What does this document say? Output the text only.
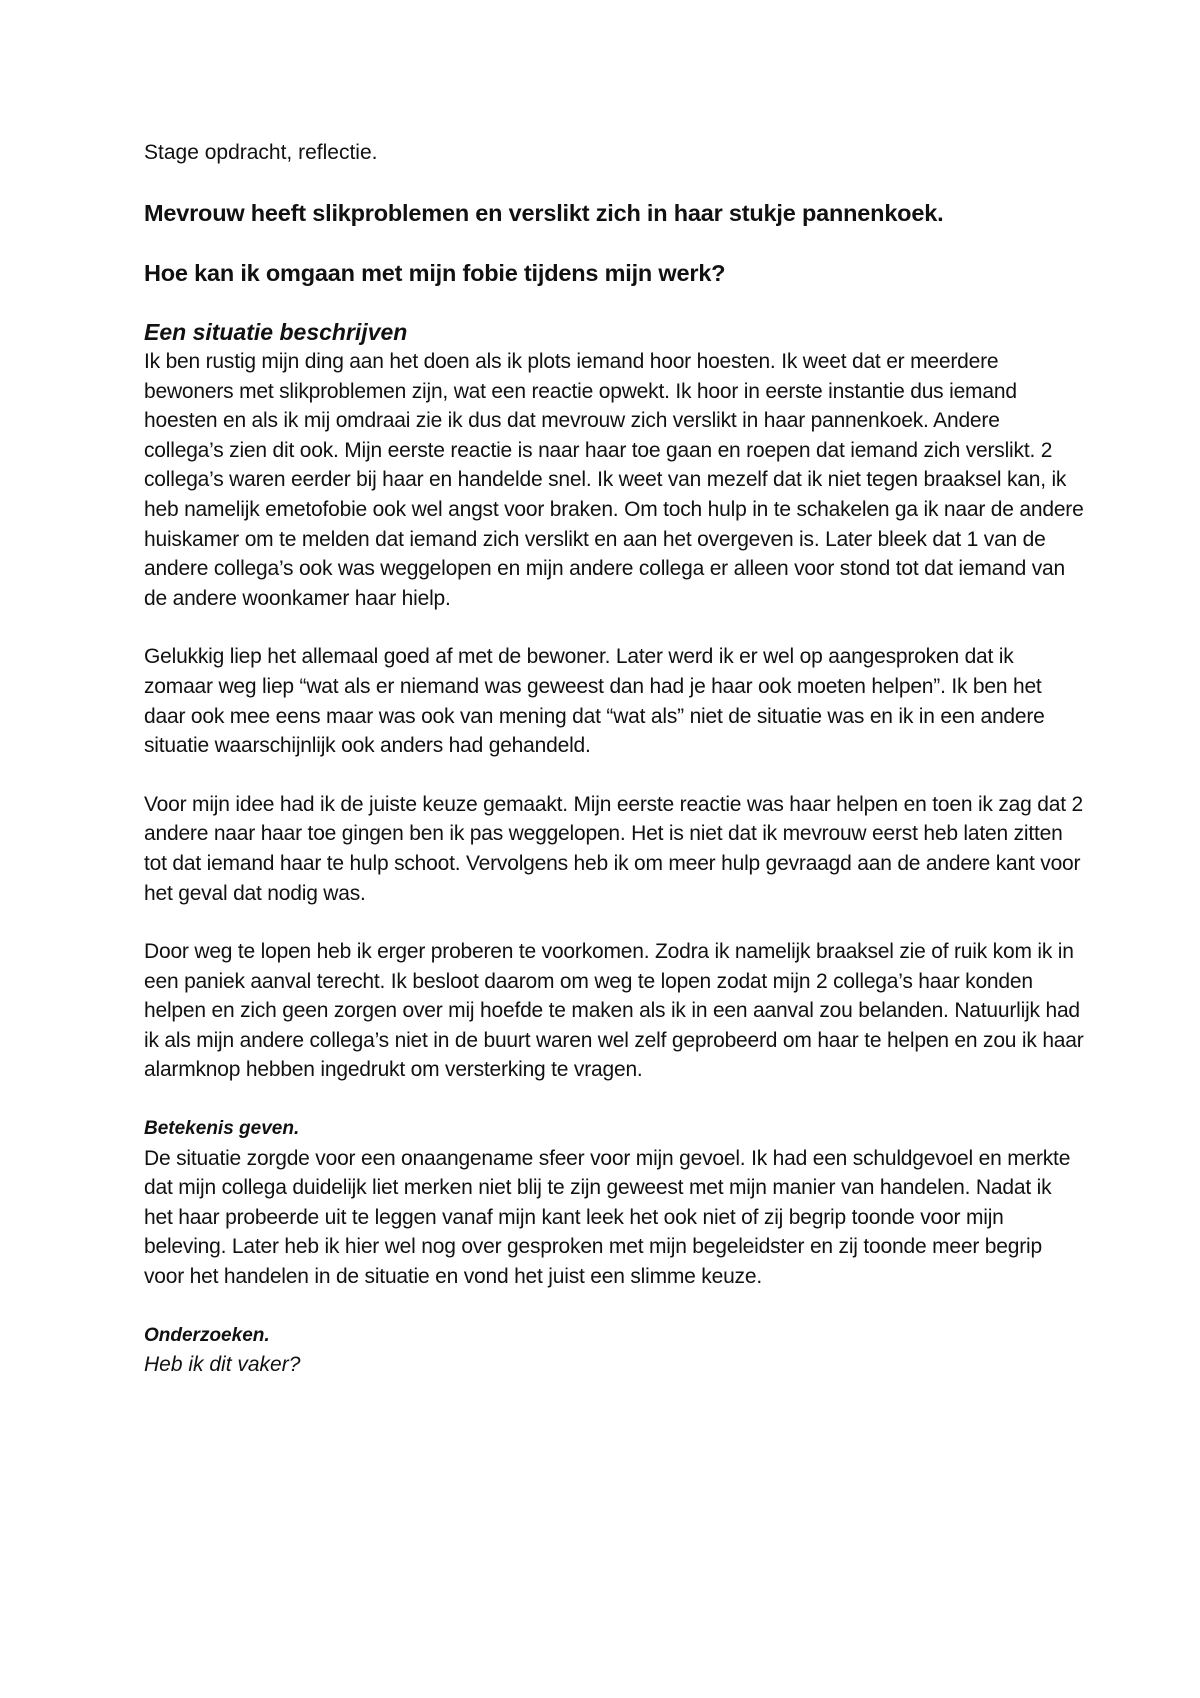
Stage opdracht, reflectie.

Mevrouw heeft slikproblemen en verslikt zich in haar stukje pannenkoek.

Hoe kan ik omgaan met mijn fobie tijdens mijn werk?

Een situatie beschrijven

Ik ben rustig mijn ding aan het doen als ik plots iemand hoor hoesten. Ik weet dat er meerdere bewoners met slikproblemen zijn, wat een reactie opwekt. Ik hoor in eerste instantie dus iemand hoesten en als ik mij omdraai zie ik dus dat mevrouw zich verslikt in haar pannenkoek. Andere collega’s zien dit ook. Mijn eerste reactie is naar haar toe gaan en roepen dat iemand zich verslikt. 2 collega’s waren eerder bij haar en handelde snel. Ik weet van mezelf dat ik niet tegen braaksel kan, ik heb namelijk emetofobie ook wel angst voor braken. Om toch hulp in te schakelen ga ik naar de andere huiskamer om te melden dat iemand zich verslikt en aan het overgeven is. Later bleek dat 1 van de andere collega’s ook was weggelopen en mijn andere collega er alleen voor stond tot dat iemand van de andere woonkamer haar hielp.

Gelukkig liep het allemaal goed af met de bewoner. Later werd ik er wel op aangesproken dat ik zomaar weg liep “wat als er niemand was geweest dan had je haar ook moeten helpen”. Ik ben het daar ook mee eens maar was ook van mening dat “wat als” niet de situatie was en ik in een andere situatie waarschijnlijk ook anders had gehandeld.

Voor mijn idee had ik de juiste keuze gemaakt. Mijn eerste reactie was haar helpen en toen ik zag dat 2 andere naar haar toe gingen ben ik pas weggelopen. Het is niet dat ik mevrouw eerst heb laten zitten tot dat iemand haar te hulp schoot. Vervolgens heb ik om meer hulp gevraagd aan de andere kant voor het geval dat nodig was.

Door weg te lopen heb ik erger proberen te voorkomen. Zodra ik namelijk braaksel zie of ruik kom ik in een paniek aanval terecht. Ik besloot daarom om weg te lopen zodat mijn 2 collega’s haar konden helpen en zich geen zorgen over mij hoefde te maken als ik in een aanval zou belanden. Natuurlijk had ik als mijn andere collega’s niet in de buurt waren wel zelf geprobeerd om haar te helpen en zou ik haar alarmknop hebben ingedrukt om versterking te vragen.

Betekenis geven.

De situatie zorgde voor een onaangename sfeer voor mijn gevoel. Ik had een schuldgevoel en merkte dat mijn collega duidelijk liet merken niet blij te zijn geweest met mijn manier van handelen. Nadat ik het haar probeerde uit te leggen vanaf mijn kant leek het ook niet of zij begrip toonde voor mijn beleving. Later heb ik hier wel nog over gesproken met mijn begeleidster en zij toonde meer begrip voor het handelen in de situatie en vond het juist een slimme keuze.

Onderzoeken.

Heb ik dit vaker?
